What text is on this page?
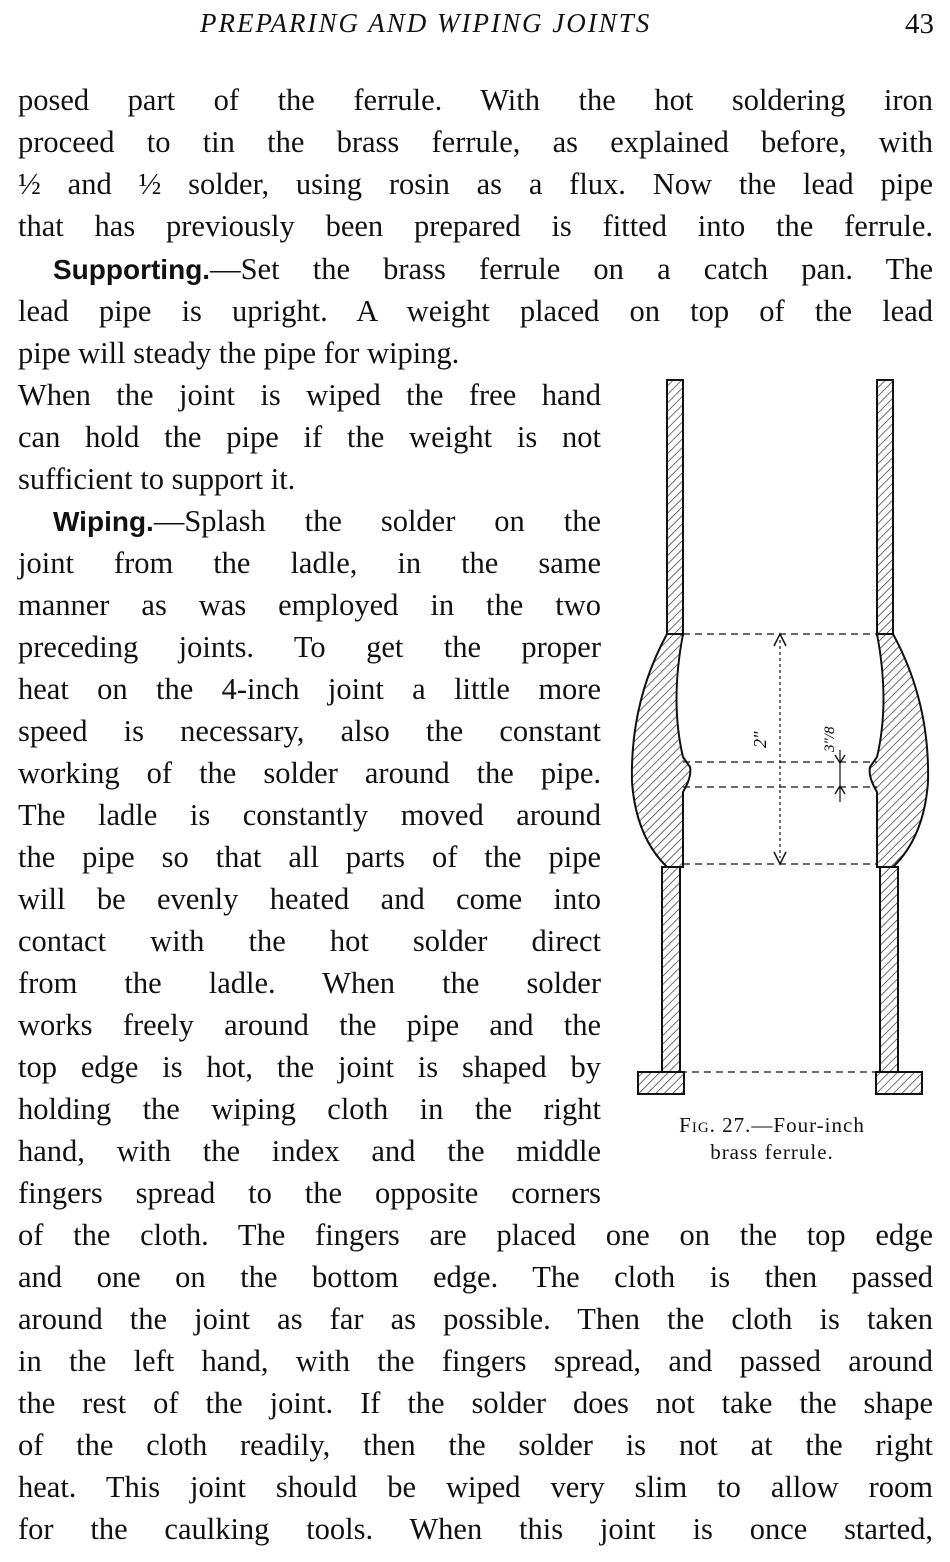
PREPARING AND WIPING JOINTS	43
posed part of the ferrule. With the hot soldering iron
proceed to tin the brass ferrule, as explained before, with
½ and ½ solder, using rosin as a flux. Now the lead pipe
that has previously been prepared is fitted into the ferrule.
Supporting.—Set the brass ferrule on a catch pan. The
lead pipe is upright. A weight placed on top of the lead
pipe will steady the pipe for wiping.
When the joint is wiped the free hand
can hold the pipe if the weight is not
sufficient to support it.
Wiping.—Splash the solder on the
joint from the ladle, in the same
manner as was employed in the two
preceding joints. To get the proper
heat on the 4-inch joint a little more
speed is necessary, also the constant
working of the solder around the pipe.
The ladle is constantly moved around
the pipe so that all parts of the pipe
will be evenly heated and come into
contact with the hot solder direct
from the ladle. When the solder
works freely around the pipe and the
top edge is hot, the joint is shaped by
holding the wiping cloth in the right
hand, with the index and the middle
fingers spread to the opposite corners
of the cloth. The fingers are placed one on the top edge
and one on the bottom edge. The cloth is then passed
around the joint as far as possible. Then the cloth is taken
in the left hand, with the fingers spread, and passed around
the rest of the joint. If the solder does not take the shape
of the cloth readily, then the solder is not at the right
heat. This joint should be wiped very slim to allow room
for the caulking tools. When this joint is once started,
2"	3"/8
Fig. 27.—Four-inch
brass ferrule.
